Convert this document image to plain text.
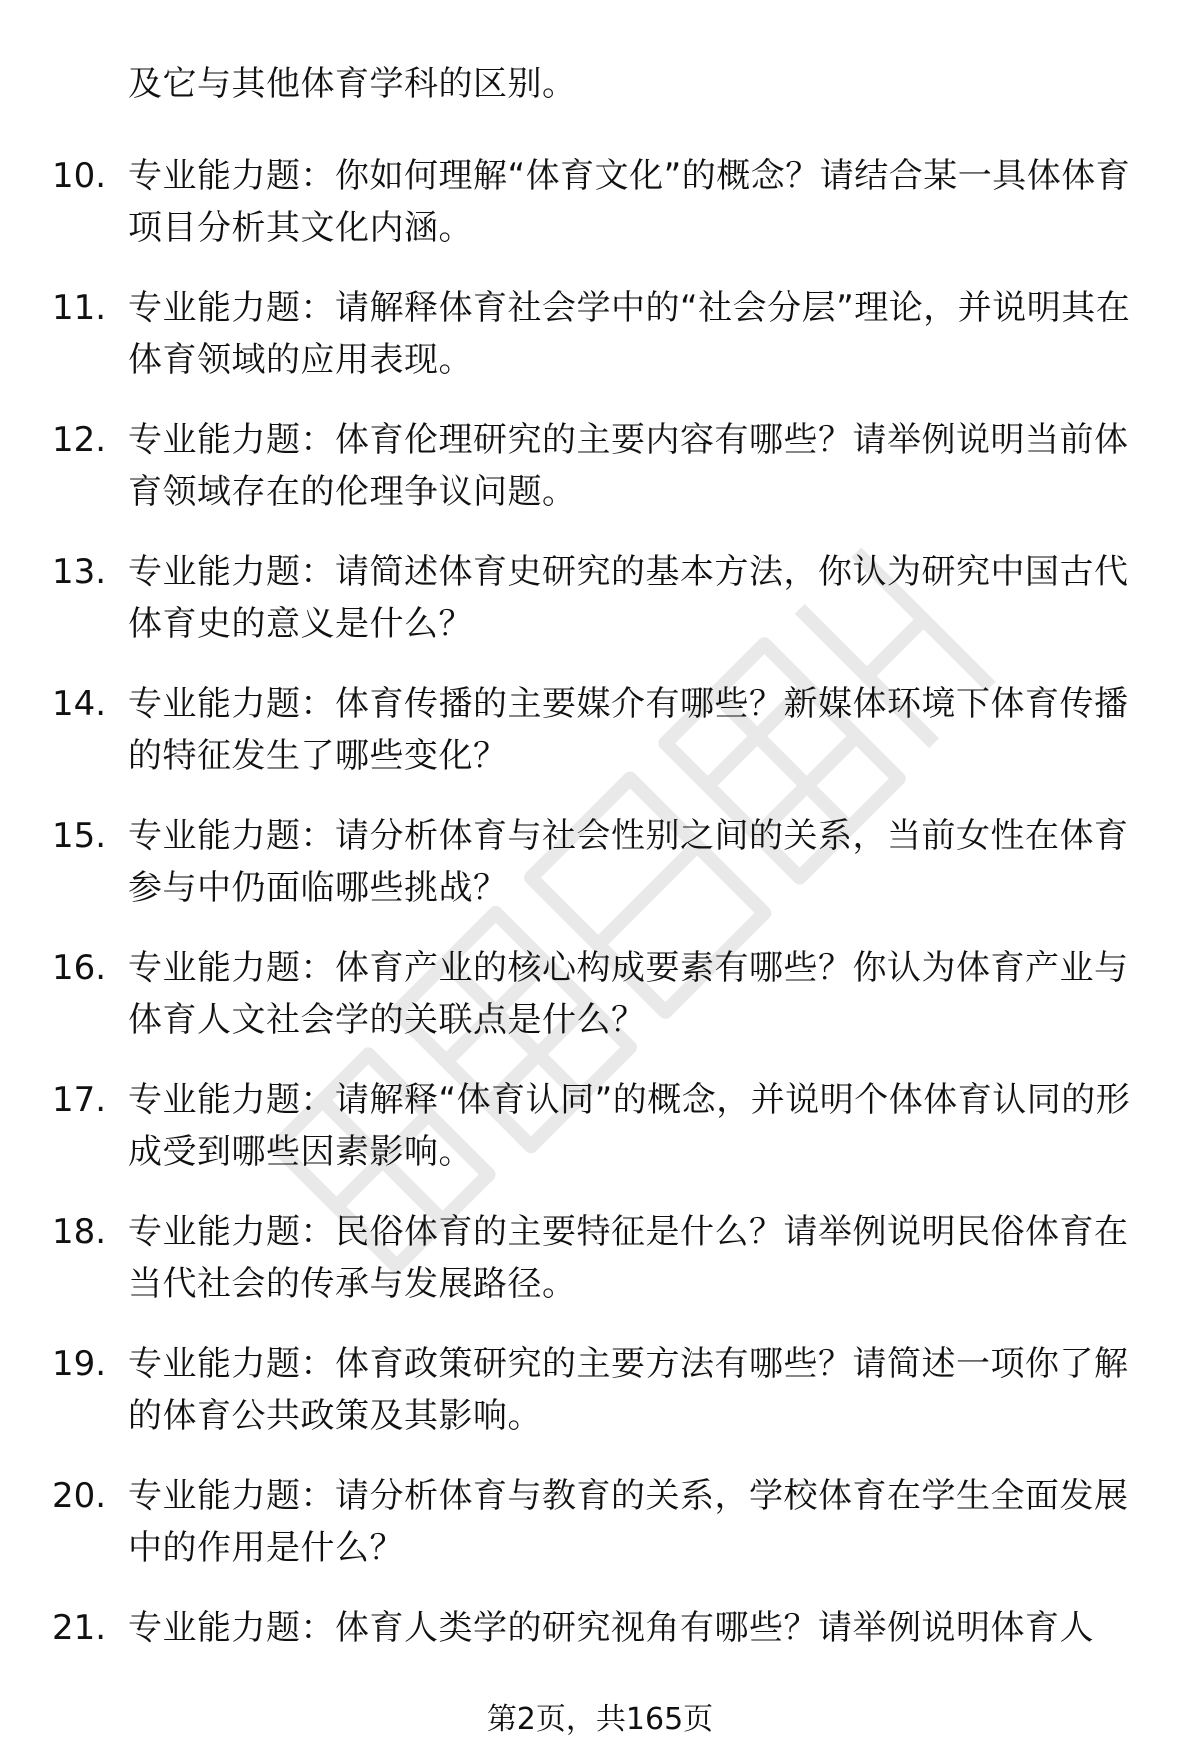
及它与其他体育学科的区别。
10. 专业能力题：你如何理解“体育文化”的概念？请结合某一具体体育项目分析其文化内涵。
11. 专业能力题：请解释体育社会学中的“社会分层”理论，并说明其在体育领域的应用表现。
12. 专业能力题：体育伦理研究的主要内容有哪些？请举例说明当前体育领域存在的伦理争议问题。
13. 专业能力题：请简述体育史研究的基本方法，你认为研究中国古代体育史的意义是什么？
14. 专业能力题：体育传播的主要媒介有哪些？新媒体环境下体育传播的特征发生了哪些变化？
15. 专业能力题：请分析体育与社会性别之间的关系，当前女性在体育参与中仍面临哪些挑战？
16. 专业能力题：体育产业的核心构成要素有哪些？你认为体育产业与体育人文社会学的关联点是什么？
17. 专业能力题：请解释“体育认同”的概念，并说明个体体育认同的形成受到哪些因素影响。
18. 专业能力题：民俗体育的主要特征是什么？请举例说明民俗体育在当代社会的传承与发展路径。
19. 专业能力题：体育政策研究的主要方法有哪些？请简述一项你了解的体育公共政策及其影响。
20. 专业能力题：请分析体育与教育的关系，学校体育在学生全面发展中的作用是什么？
21. 专业能力题：体育人类学的研究视角有哪些？请举例说明体育人
第2页，共165页
